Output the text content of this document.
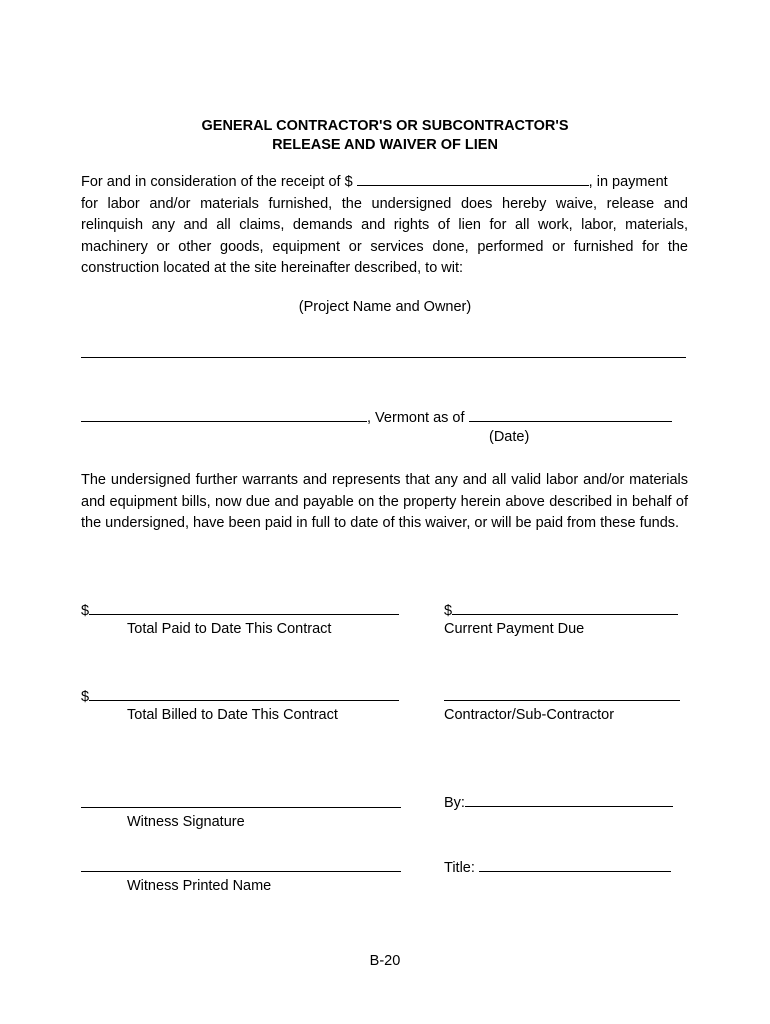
GENERAL CONTRACTOR'S OR SUBCONTRACTOR'S
RELEASE AND WAIVER OF LIEN
For and in consideration of the receipt of $	, in payment
for labor and/or materials furnished, the undersigned does hereby waive, release and relinquish any and all claims, demands and rights of lien for all work, labor, materials, machinery or other goods, equipment or services done, performed or furnished for the construction located at the site hereinafter described, to wit:
(Project Name and Owner)
, Vermont as of
(Date)
The undersigned further warrants and represents that any and all valid labor and/or materials and equipment bills, now due and payable on the property herein above described in behalf of the undersigned, have been paid in full to date of this waiver, or will be paid from these funds.
$
Total Paid to Date This Contract
$
Current Payment Due
$
Total Billed to Date This Contract	Contractor/Sub-Contractor
Witness Signature
By:
Witness Printed Name
Title:
B-20
